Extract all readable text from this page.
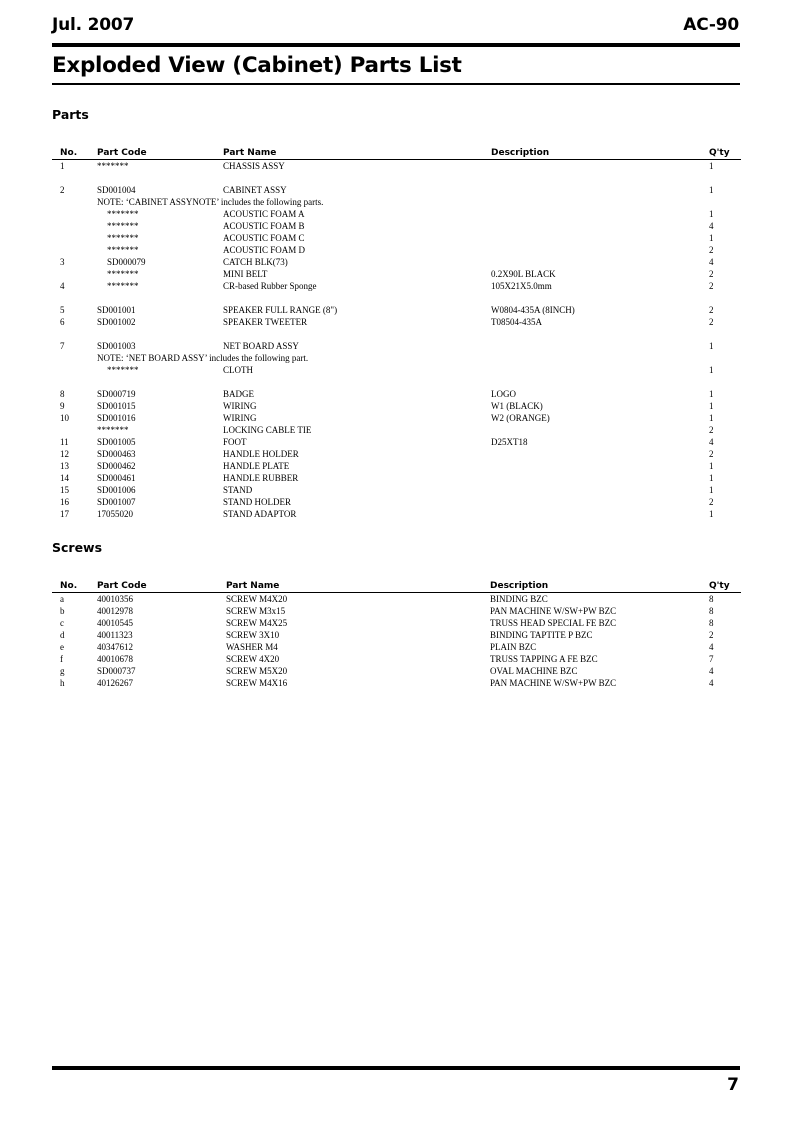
Jul. 2007	AC-90
Exploded View (Cabinet) Parts List
Parts
No. Part Code	Part Name	Description	Q'ty
1	*******	CHASSIS ASSY	1
2	SD001004	CABINET ASSY	1
NOTE: ‘CABINET ASSYNOTE’ includes the following parts.
*******	ACOUSTIC FOAM A	1
*******	ACOUSTIC FOAM B	4
*******	ACOUSTIC FOAM C	1
*******	ACOUSTIC FOAM D	2
3	SD000079	CATCH BLK(73)	4
*******	MINI BELT	0.2X90L BLACK	2
4	*******	CR-based Rubber Sponge	105X21X5.0mm	2
5	SD001001	SPEAKER FULL RANGE (8")	W0804-435A (8INCH)	2
6	SD001002	SPEAKER TWEETER	T08504-435A	2
7	SD001003	NET BOARD ASSY	1
NOTE: ‘NET BOARD ASSY’ includes the following part.
*******	CLOTH	1
8	SD000719	BADGE	LOGO	1
9	SD001015	WIRING	W1 (BLACK)	1
10	SD001016	WIRING	W2 (ORANGE)	1
*******	LOCKING CABLE TIE	2
11	SD001005	FOOT	D25XT18	4
12	SD000463	HANDLE HOLDER	2
13	SD000462	HANDLE PLATE	1
14	SD000461	HANDLE RUBBER	1
15	SD001006	STAND	1
16	SD001007	STAND HOLDER	2
17	17055020	STAND ADAPTOR	1
Screws
No. Part Code	Part Name	Description	Q'ty
a	40010356	SCREW M4X20	BINDING BZC	8
b	40012978	SCREW M3x15	PAN MACHINE W/SW+PW BZC	8
c	40010545	SCREW M4X25	TRUSS HEAD SPECIAL FE BZC	8
d	40011323	SCREW 3X10	BINDING TAPTITE P BZC	2
e	40347612	WASHER M4	PLAIN BZC	4
f	40010678	SCREW 4X20	TRUSS TAPPING A FE BZC	7
g	SD000737	SCREW M5X20	OVAL MACHINE BZC	4
h	40126267	SCREW M4X16	PAN MACHINE W/SW+PW BZC	4
7
